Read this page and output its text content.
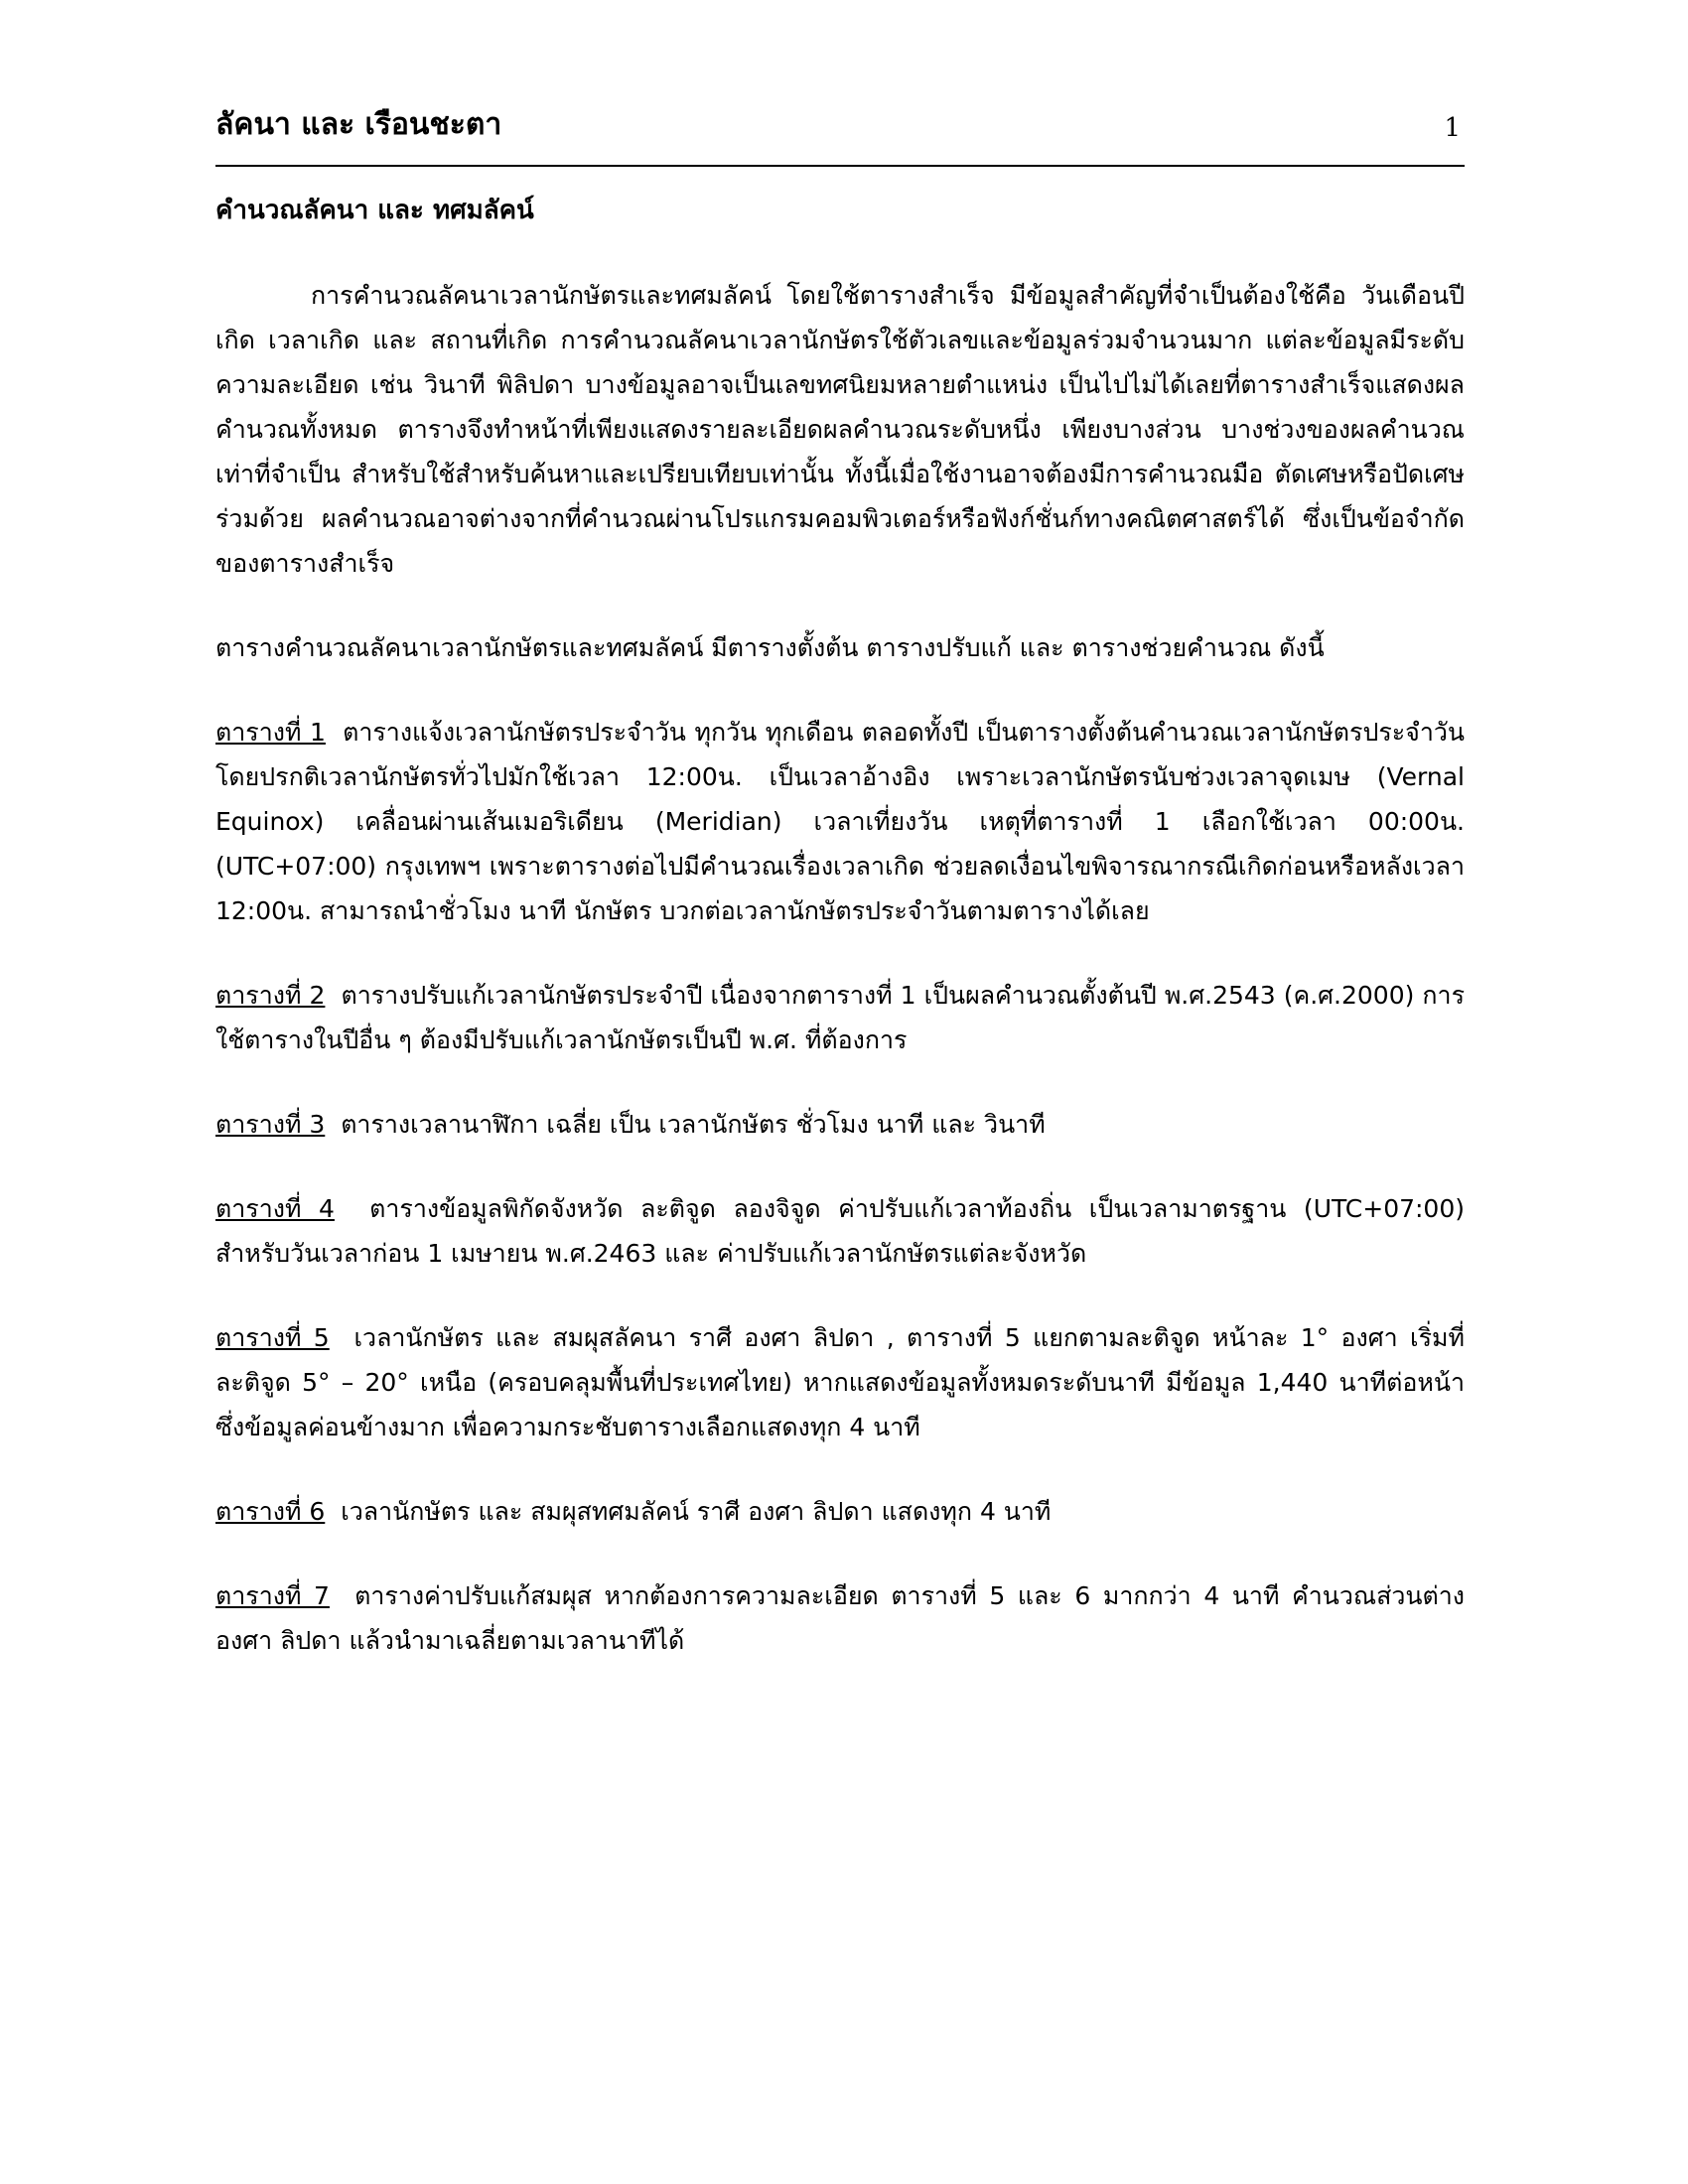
ลัคนา และ เรือนชะตา	1
คำนวณลัคนา และ ทศมลัคน์

การคำนวณลัคนาเวลานักษัตรและทศมลัคน์ โดยใช้ตารางสำเร็จ มีข้อมูลสำคัญที่จำเป็นต้องใช้คือ วันเดือนปีเกิด เวลาเกิด และ สถานที่เกิด การคำนวณลัคนาเวลานักษัตรใช้ตัวเลขและข้อมูลร่วมจำนวนมาก แต่ละข้อมูลมีระดับความละเอียด เช่น วินาที พิลิปดา บางข้อมูลอาจเป็นเลขทศนิยมหลายตำแหน่ง เป็นไปไม่ได้เลยที่ตารางสำเร็จแสดงผลคำนวณทั้งหมด ตารางจึงทำหน้าที่เพียงแสดงรายละเอียดผลคำนวณระดับหนึ่ง เพียงบางส่วน บางช่วงของผลคำนวณ เท่าที่จำเป็น สำหรับใช้สำหรับค้นหาและเปรียบเทียบเท่านั้น ทั้งนี้เมื่อใช้งานอาจต้องมีการคำนวณมือ ตัดเศษหรือปัดเศษร่วมด้วย ผลคำนวณอาจต่างจากที่คำนวณผ่านโปรแกรมคอมพิวเตอร์หรือฟังก์ชั่นก์ทางคณิตศาสตร์ได้ ซึ่งเป็นข้อจำกัดของตารางสำเร็จ

ตารางคำนวณลัคนาเวลานักษัตรและทศมลัคน์ มีตารางตั้งต้น ตารางปรับแก้ และ ตารางช่วยคำนวณ ดังนี้

ตารางที่ 1 ตารางแจ้งเวลานักษัตรประจำวัน ทุกวัน ทุกเดือน ตลอดทั้งปี เป็นตารางตั้งต้นคำนวณเวลานักษัตรประจำวัน โดยปรกติเวลานักษัตรทั่วไปมักใช้เวลา 12:00น. เป็นเวลาอ้างอิง เพราะเวลานักษัตรนับช่วงเวลาจุดเมษ (Vernal Equinox) เคลื่อนผ่านเส้นเมอริเดียน (Meridian) เวลาเที่ยงวัน เหตุที่ตารางที่ 1 เลือกใช้เวลา 00:00น. (UTC+07:00) กรุงเทพฯ เพราะตารางต่อไปมีคำนวณเรื่องเวลาเกิด ช่วยลดเงื่อนไขพิจารณากรณีเกิดก่อนหรือหลังเวลา 12:00น. สามารถนำชั่วโมง นาที นักษัตร บวกต่อเวลานักษัตรประจำวันตามตารางได้เลย

ตารางที่ 2 ตารางปรับแก้เวลานักษัตรประจำปี เนื่องจากตารางที่ 1 เป็นผลคำนวณตั้งต้นปี พ.ศ.2543 (ค.ศ.2000) การใช้ตารางในปีอื่น ๆ ต้องมีปรับแก้เวลานักษัตรเป็นปี พ.ศ. ที่ต้องการ

ตารางที่ 3 ตารางเวลานาฬิกา เฉลี่ย เป็น เวลานักษัตร ชั่วโมง นาที และ วินาที

ตารางที่ 4 ตารางข้อมูลพิกัดจังหวัด ละติจูด ลองจิจูด ค่าปรับแก้เวลาท้องถิ่น เป็นเวลามาตรฐาน (UTC+07:00) สำหรับวันเวลาก่อน 1 เมษายน พ.ศ.2463 และ ค่าปรับแก้เวลานักษัตรแต่ละจังหวัด

ตารางที่ 5 เวลานักษัตร และ สมผุสลัคนา ราศี องศา ลิปดา , ตารางที่ 5 แยกตามละติจูด หน้าละ 1° องศา เริ่มที่ละติจูด 5° – 20° เหนือ (ครอบคลุมพื้นที่ประเทศไทย) หากแสดงข้อมูลทั้งหมดระดับนาที มีข้อมูล 1,440 นาทีต่อหน้า ซึ่งข้อมูลค่อนข้างมาก เพื่อความกระชับตารางเลือกแสดงทุก 4 นาที

ตารางที่ 6 เวลานักษัตร และ สมผุสทศมลัคน์ ราศี องศา ลิปดา แสดงทุก 4 นาที

ตารางที่ 7 ตารางค่าปรับแก้สมผุส หากต้องการความละเอียด ตารางที่ 5 และ 6 มากกว่า 4 นาที คำนวณส่วนต่างองศา ลิปดา แล้วนำมาเฉลี่ยตามเวลานาทีได้
